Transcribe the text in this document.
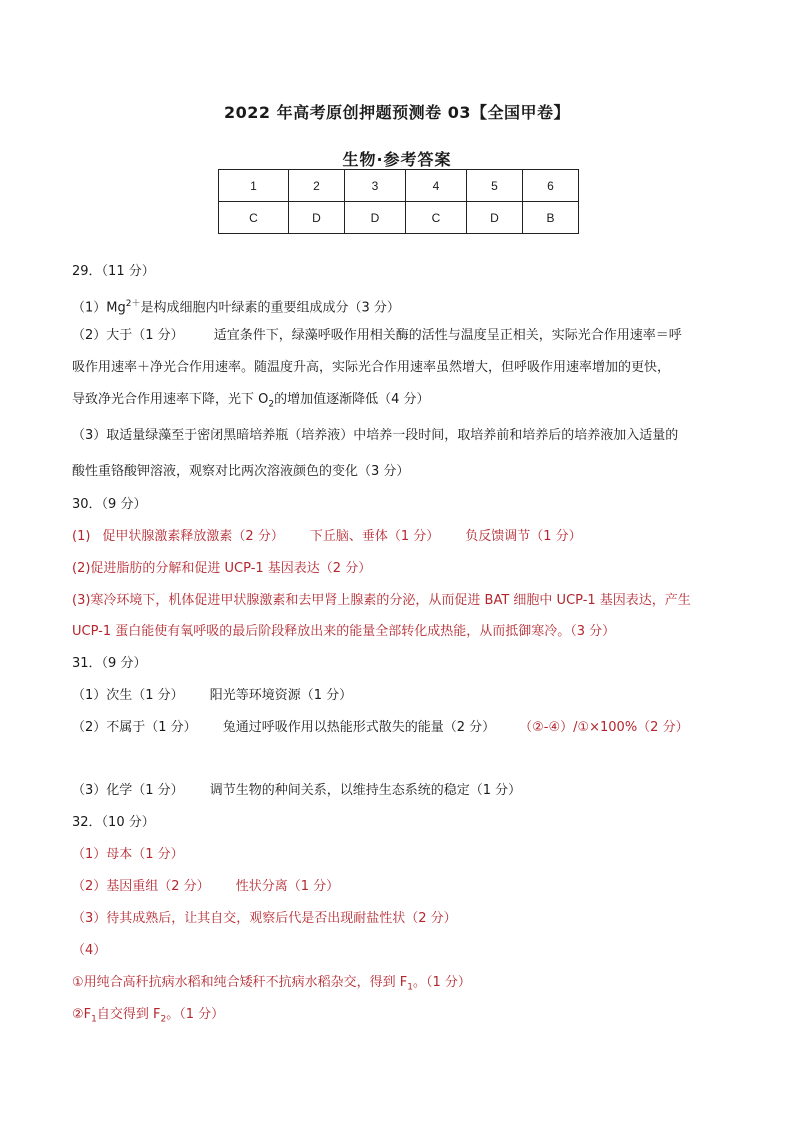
2022 年高考原创押题预测卷 03【全国甲卷】
生物·参考答案
1	2	3	4	5	6
C	D	D	C	D	B
29．（11 分）
$(1)Mg^{2+}$是构成细胞内叶绿素的重要组成成分（3 分）
（2）大于（1 分） 适宜条件下，绿藻呼吸作用相关酶的活性与温度呈正相关，实际光合作用速率＝呼
吸作用速率＋净光合作用速率。随温度升高，实际光合作用速率虽然增大，但呼吸作用速率增加的更快，
导致净光合作用速率下降，光下 $O_2$的增加值逐渐降低（4 分）
（3）取适量绿藻至于密闭黑暗培养瓶（培养液）中培养一段时间，取培养前和培养后的培养液加入适量的
酸性重铬酸钾溶液，观察对比两次溶液颜色的变化（3 分）
30．（9 分）
(1) 促甲状腺激素释放激素（2 分） 下丘脑、垂体（1 分） 负反馈调节（1 分）
(2)促进脂肪的分解和促进 UCP-1 基因表达（2 分）
(3)寒冷环境下，机体促进甲状腺激素和去甲肾上腺素的分泌，从而促进 BAT 细胞中 UCP-1 基因表达，产生
UCP-1 蛋白能使有氧呼吸的最后阶段释放出来的能量全部转化成热能，从而抵御寒冷。（3 分）
31．（9 分）
（1）次生（1 分） 阳光等环境资源（1 分）
（2）不属于（1 分） 兔通过呼吸作用以热能形式散失的能量（2 分） （②-④）/①×100%（2 分）
（3）化学（1 分） 调节生物的种间关系，以维持生态系统的稳定（1 分）
32．（10 分）
（1）母本（1 分）
（2）基因重组（2 分） 性状分离（1 分）
（3）待其成熟后，让其自交，观察后代是否出现耐盐性状（2 分）
（4）
①用纯合高秆抗病水稻和纯合矮秆不抗病水稻杂交，得到 $F_1$。（1 分）
$②F_1$自交得到 $F_2$。（1 分）
